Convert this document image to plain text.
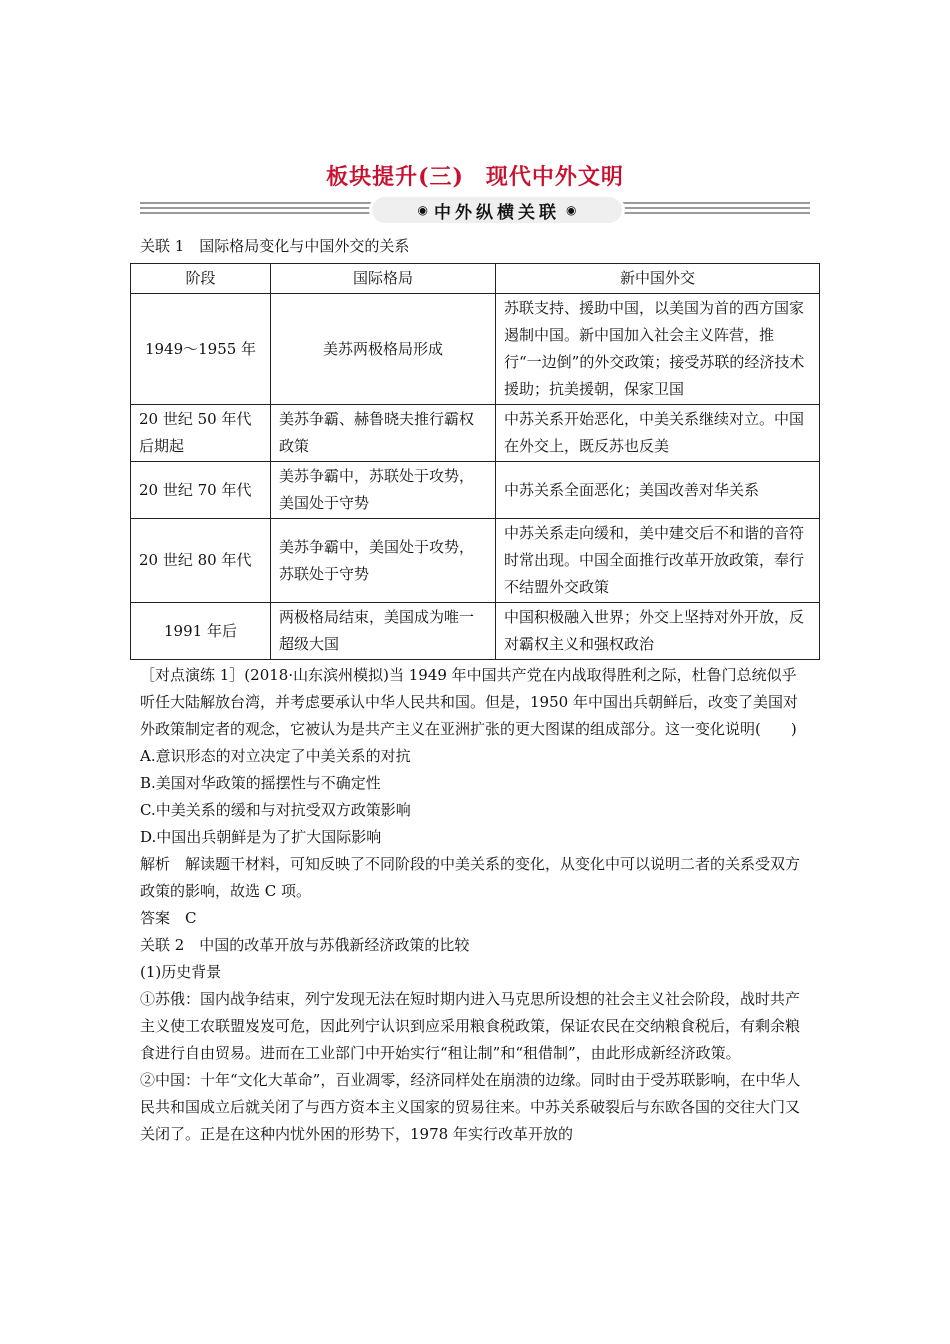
板块提升(三) 现代中外文明
◉ 中外纵横关联 ◉
关联 1　国际格局变化与中国外交的关系
阶段	国际格局	新中国外交
1949～1955 年	美苏两极格局形成	苏联支持、援助中国，以美国为首的西方国家遏制中国。新中国加入社会主义阵营，推行“一边倒”的外交政策；接受苏联的经济技术援助；抗美援朝，保家卫国
20 世纪 50 年代后期起	美苏争霸、赫鲁晓夫推行霸权政策	中苏关系开始恶化，中美关系继续对立。中国在外交上，既反苏也反美
20 世纪 70 年代	美苏争霸中，苏联处于攻势，美国处于守势	中苏关系全面恶化；美国改善对华关系
20 世纪 80 年代	美苏争霸中，美国处于攻势，苏联处于守势	中苏关系走向缓和，美中建交后不和谐的音符时常出现。中国全面推行改革开放政策，奉行不结盟外交政策
1991 年后	两极格局结束，美国成为唯一超级大国	中国积极融入世界；外交上坚持对外开放，反对霸权主义和强权政治

［对点演练 1］(2018·山东滨州模拟)当 1949 年中国共产党在内战取得胜利之际，杜鲁门总统似乎听任大陆解放台湾，并考虑要承认中华人民共和国。但是，1950 年中国出兵朝鲜后，改变了美国对外政策制定者的观念，它被认为是共产主义在亚洲扩张的更大图谋的组成部分。这一变化说明(　　)

A.意识形态的对立决定了中美关系的对抗

B.美国对华政策的摇摆性与不确定性

C.中美关系的缓和与对抗受双方政策影响

D.中国出兵朝鲜是为了扩大国际影响

解析　解读题干材料，可知反映了不同阶段的中美关系的变化，从变化中可以说明二者的关系受双方政策的影响，故选 C 项。

答案　C

关联 2　中国的改革开放与苏俄新经济政策的比较

(1)历史背景

①苏俄：国内战争结束，列宁发现无法在短时期内进入马克思所设想的社会主义社会阶段，战时共产主义使工农联盟岌岌可危，因此列宁认识到应采用粮食税政策，保证农民在交纳粮食税后，有剩余粮食进行自由贸易。进而在工业部门中开始实行“租让制”和“租借制”，由此形成新经济政策。

②中国：十年“文化大革命”，百业凋零，经济同样处在崩溃的边缘。同时由于受苏联影响，在中华人民共和国成立后就关闭了与西方资本主义国家的贸易往来。中苏关系破裂后与东欧各国的交往大门又关闭了。正是在这种内忧外困的形势下，1978 年实行改革开放的
